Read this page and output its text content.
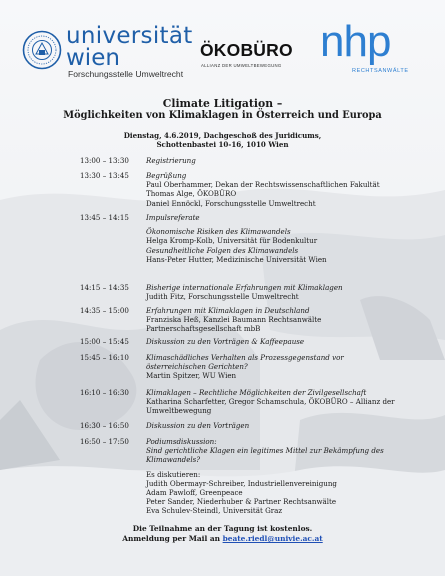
universität
wien
Forschungsstelle Umweltrecht
ÖKOBÜRO
ALLIANZ DER UMWELTBEWEGUNG nhp
RECHTSANWÄLTE
Climate Litigation –
Möglichkeiten von Klimaklagen in Österreich und Europa
Dienstag, 4.6.2019, Dachgeschoß des Juridicums,
Schottenbastei 10-16, 1010 Wien
13:00 – 13:30	Registrierung
13:30 – 13:45	Begrüßung
Paul Oberhammer, Dekan der Rechtswissenschaftlichen Fakultät
Thomas Alge, ÖKOBÜRO
Daniel Ennöckl, Forschungsstelle Umweltrecht
13:45 – 14:15	Impulsreferate
Ökonomische Risiken des Klimawandels
Helga Kromp-Kolb, Universität für Bodenkultur
Gesundheitliche Folgen des Klimawandels
Hans-Peter Hutter, Medizinische Universität Wien
14:15 – 14:35	Bisherige internationale Erfahrungen mit Klimaklagen
Judith Fitz, Forschungsstelle Umweltrecht
14:35 – 15:00	Erfahrungen mit Klimaklagen in Deutschland
Franziska Heß, Kanzlei Baumann Rechtsanwälte
Partnerschaftsgesellschaft mbB
15:00 – 15:45	Diskussion zu den Vorträgen & Kaffeepause
15:45 – 16:10	Klimaschädliches Verhalten als Prozessgegenstand vor
österreichischen Gerichten?
Martin Spitzer, WU Wien
16:10 – 16:30	Klimaklagen – Rechtliche Möglichkeiten der Zivilgesellschaft
Katharina Scharfetter, Gregor Schamschula, ÖKOBÜRO – Allianz der
Umweltbewegung
16:30 – 16:50	Diskussion zu den Vorträgen
16:50 – 17:50	Podiumsdiskussion:
Sind gerichtliche Klagen ein legitimes Mittel zur Bekämpfung des
Klimawandels?
Es diskutieren:
Judith Obermayr-Schreiber, Industriellenvereinigung
Adam Pawloff, Greenpeace
Peter Sander, Niederhuber & Partner Rechtsanwälte
Eva Schulev-Steindl, Universität Graz
Die Teilnahme an der Tagung ist kostenlos.
Anmeldung per Mail an beate.riedl@univie.ac.at
